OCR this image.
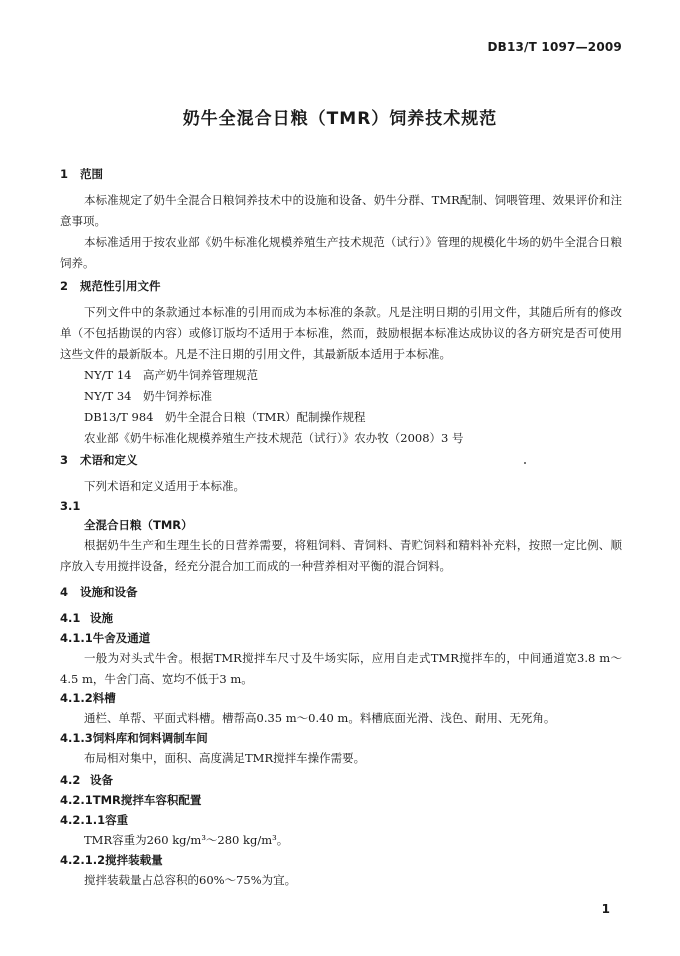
DB13/T 1097—2009
奶牛全混合日粮（TMR）饲养技术规范
1 范围
本标准规定了奶牛全混合日粮饲养技术中的设施和设备、奶牛分群、TMR配制、饲喂管理、效果评价和注意事项。
本标准适用于按农业部《奶牛标准化规模养殖生产技术规范（试行）》管理的规模化牛场的奶牛全混合日粮饲养。
2 规范性引用文件
下列文件中的条款通过本标准的引用而成为本标准的条款。凡是注明日期的引用文件，其随后所有的修改单（不包括勘误的内容）或修订版均不适用于本标准，然而，鼓励根据本标准达成协议的各方研究是否可使用这些文件的最新版本。凡是不注日期的引用文件，其最新版本适用于本标准。
NY/T 14　高产奶牛饲养管理规范
NY/T 34　奶牛饲养标准
DB13/T 984　奶牛全混合日粮（TMR）配制操作规程
农业部《奶牛标准化规模养殖生产技术规范（试行）》农办牧（2008）3 号
3 术语和定义
下列术语和定义适用于本标准。
3.1
全混合日粮（TMR）
根据奶牛生产和生理生长的日营养需要，将粗饲料、青饲料、青贮饲料和精料补充料，按照一定比例、顺序放入专用搅拌设备，经充分混合加工而成的一种营养相对平衡的混合饲料。
4 设施和设备
4.1 设施
4.1.1牛舍及通道
一般为对头式牛舍。根据TMR搅拌车尺寸及牛场实际，应用自走式TMR搅拌车的，中间通道宽3.8 m～4.5 m，牛舍门高、宽均不低于3 m。
4.1.2料槽
通栏、单帮、平面式料槽。槽帮高0.35 m～0.40 m。料槽底面光滑、浅色、耐用、无死角。
4.1.3饲料库和饲料调制车间
布局相对集中，面积、高度满足TMR搅拌车操作需要。
4.2 设备
4.2.1TMR搅拌车容积配置
4.2.1.1容重
TMR容重为260 kg/m³～280 kg/m³。
4.2.1.2搅拌装载量
搅拌装载量占总容积的60%～75%为宜。
1
